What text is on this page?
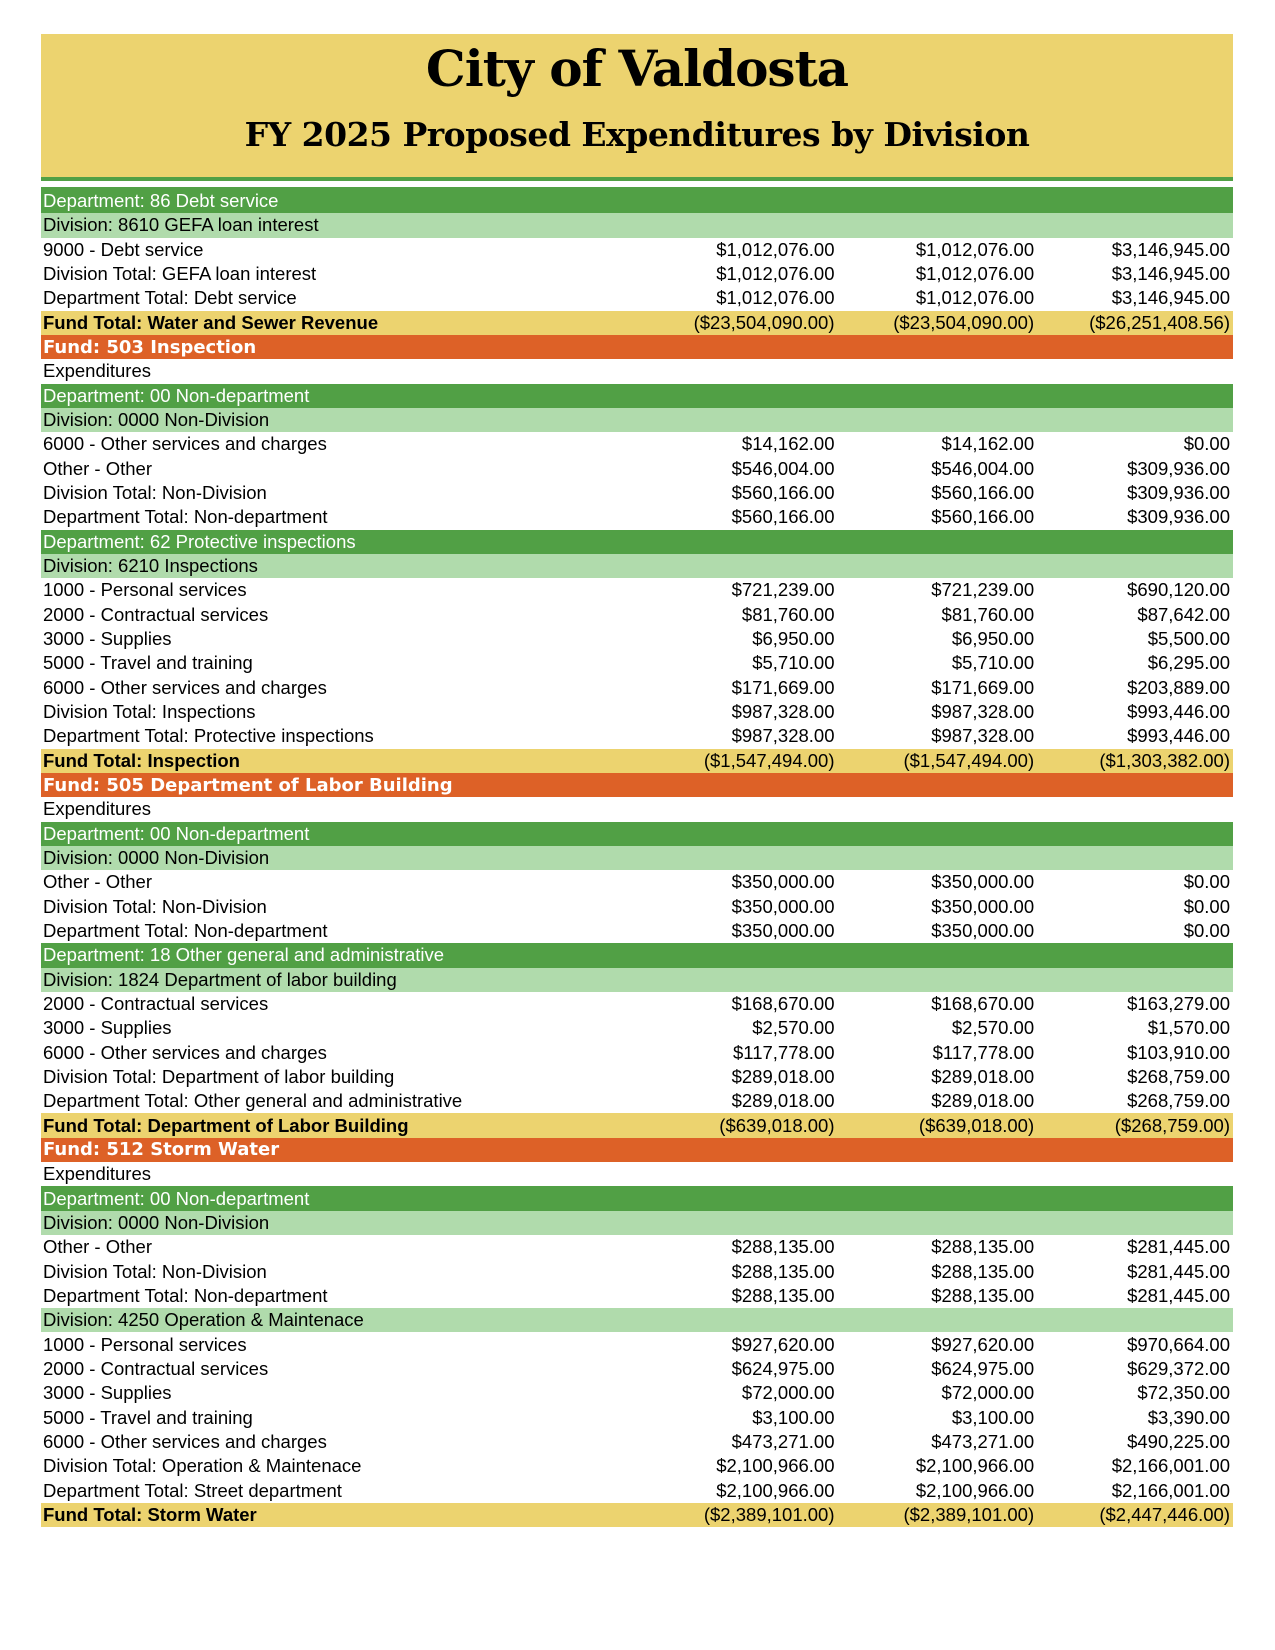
City of Valdosta
FY 2025 Proposed Expenditures by Division
Department: 86 Debt service
Division: 8610 GEFA loan interest
9000 - Debt service	$1,012,076.00	$1,012,076.00	$3,146,945.00
Division Total: GEFA loan interest	$1,012,076.00	$1,012,076.00	$3,146,945.00
Department Total: Debt service	$1,012,076.00	$1,012,076.00	$3,146,945.00
Fund Total: Water and Sewer Revenue	($23,504,090.00)	($23,504,090.00)	($26,251,408.56)
Fund: 503 Inspection
Expenditures
Department: 00 Non-department
Division: 0000 Non-Division
6000 - Other services and charges	$14,162.00	$14,162.00	$0.00
Other - Other	$546,004.00	$546,004.00	$309,936.00
Division Total: Non-Division	$560,166.00	$560,166.00	$309,936.00
Department Total: Non-department	$560,166.00	$560,166.00	$309,936.00
Department: 62 Protective inspections
Division: 6210 Inspections
1000 - Personal services	$721,239.00	$721,239.00	$690,120.00
2000 - Contractual services	$81,760.00	$81,760.00	$87,642.00
3000 - Supplies	$6,950.00	$6,950.00	$5,500.00
5000 - Travel and training	$5,710.00	$5,710.00	$6,295.00
6000 - Other services and charges	$171,669.00	$171,669.00	$203,889.00
Division Total: Inspections	$987,328.00	$987,328.00	$993,446.00
Department Total: Protective inspections	$987,328.00	$987,328.00	$993,446.00
Fund Total: Inspection	($1,547,494.00)	($1,547,494.00)	($1,303,382.00)
Fund: 505 Department of Labor Building
Expenditures
Department: 00 Non-department
Division: 0000 Non-Division
Other - Other	$350,000.00	$350,000.00	$0.00
Division Total: Non-Division	$350,000.00	$350,000.00	$0.00
Department Total: Non-department	$350,000.00	$350,000.00	$0.00
Department: 18 Other general and administrative
Division: 1824 Department of labor building
2000 - Contractual services	$168,670.00	$168,670.00	$163,279.00
3000 - Supplies	$2,570.00	$2,570.00	$1,570.00
6000 - Other services and charges	$117,778.00	$117,778.00	$103,910.00
Division Total: Department of labor building	$289,018.00	$289,018.00	$268,759.00
Department Total: Other general and administrative	$289,018.00	$289,018.00	$268,759.00
Fund Total: Department of Labor Building	($639,018.00)	($639,018.00)	($268,759.00)
Fund: 512 Storm Water
Expenditures
Department: 00 Non-department
Division: 0000 Non-Division
Other - Other	$288,135.00	$288,135.00	$281,445.00
Division Total: Non-Division	$288,135.00	$288,135.00	$281,445.00
Department Total: Non-department	$288,135.00	$288,135.00	$281,445.00
Division: 4250 Operation & Maintenace
1000 - Personal services	$927,620.00	$927,620.00	$970,664.00
2000 - Contractual services	$624,975.00	$624,975.00	$629,372.00
3000 - Supplies	$72,000.00	$72,000.00	$72,350.00
5000 - Travel and training	$3,100.00	$3,100.00	$3,390.00
6000 - Other services and charges	$473,271.00	$473,271.00	$490,225.00
Division Total: Operation & Maintenace	$2,100,966.00	$2,100,966.00	$2,166,001.00
Department Total: Street department	$2,100,966.00	$2,100,966.00	$2,166,001.00
Fund Total: Storm Water	($2,389,101.00)	($2,389,101.00)	($2,447,446.00)
